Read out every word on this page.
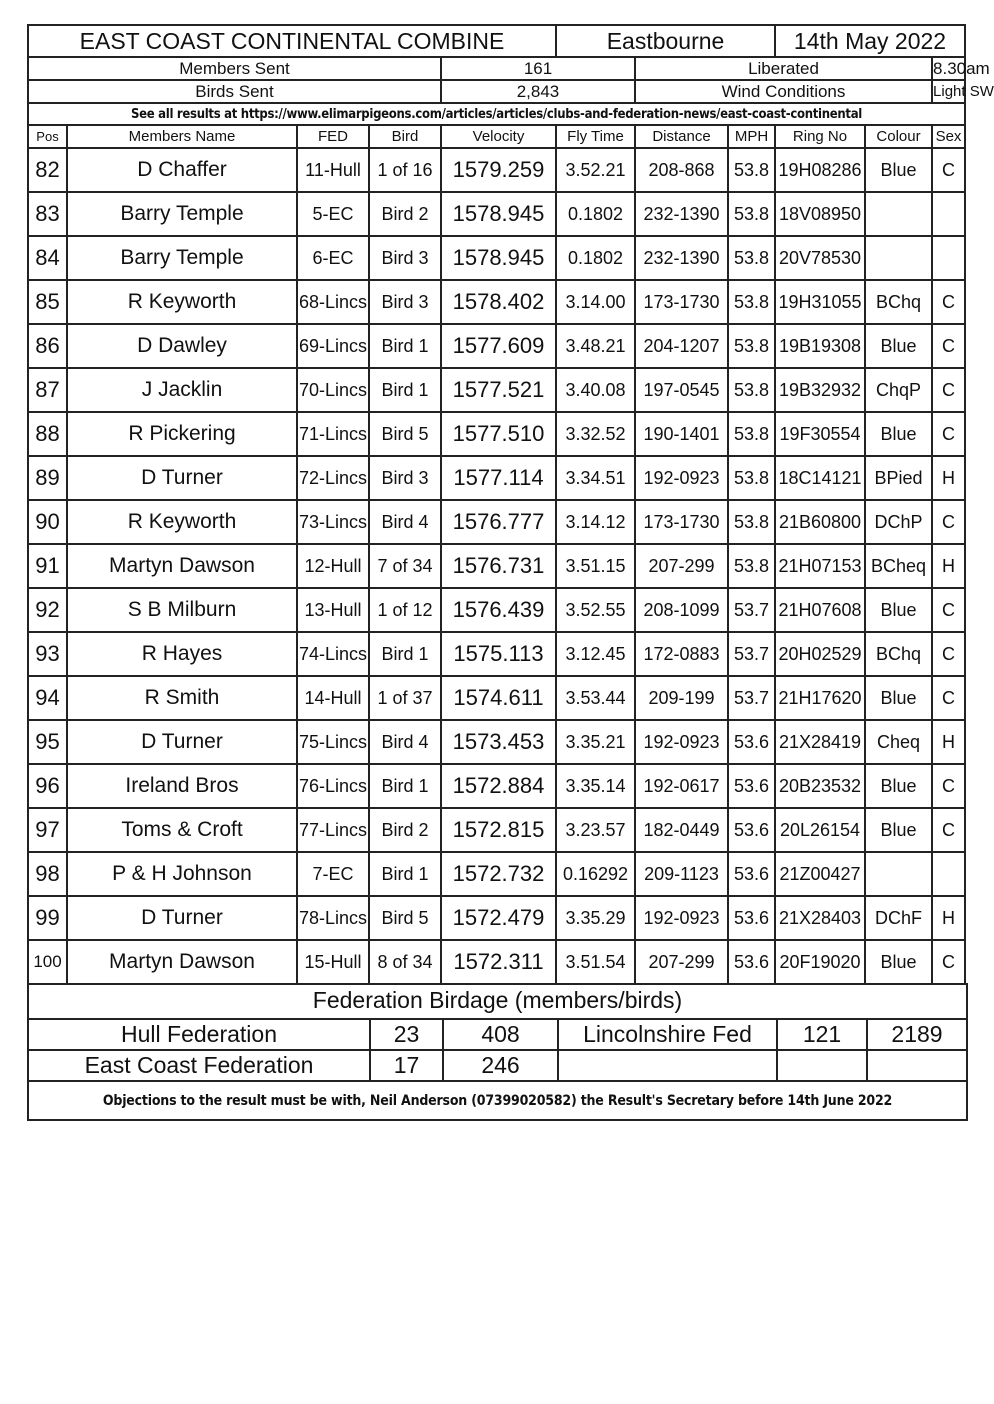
EAST COAST CONTINENTAL COMBINE					Eastbourne			14th May 2022		
Members Sent				161		Liberated				8.30am
Birds Sent				2,843		Wind Conditions				Light SW
See all results at https://www.elimarpigeons.com/articles/articles/clubs-and-federation-news/east-coast-continental										
Pos	Members Name	FED	Bird	Velocity	Fly Time	Distance	MPH	Ring No	Colour	Sex
82	D Chaffer	11-Hull	1 of 16	1579.259	3.52.21	208-868	53.8	19H08286	Blue	C
83	Barry Temple	5-EC	Bird 2	1578.945	0.1802	232-1390	53.8	18V08950		
84	Barry Temple	6-EC	Bird 3	1578.945	0.1802	232-1390	53.8	20V78530		
85	R Keyworth	68-Lincs	Bird 3	1578.402	3.14.00	173-1730	53.8	19H31055	BChq	C
86	D Dawley	69-Lincs	Bird 1	1577.609	3.48.21	204-1207	53.8	19B19308	Blue	C
87	J Jacklin	70-Lincs	Bird 1	1577.521	3.40.08	197-0545	53.8	19B32932	ChqP	C
88	R Pickering	71-Lincs	Bird 5	1577.510	3.32.52	190-1401	53.8	19F30554	Blue	C
89	D Turner	72-Lincs	Bird 3	1577.114	3.34.51	192-0923	53.8	18C14121	BPied	H
90	R Keyworth	73-Lincs	Bird 4	1576.777	3.14.12	173-1730	53.8	21B60800	DChP	C
91	Martyn Dawson	12-Hull	7 of 34	1576.731	3.51.15	207-299	53.8	21H07153	BCheq	H
92	S B Milburn	13-Hull	1 of 12	1576.439	3.52.55	208-1099	53.7	21H07608	Blue	C
93	R Hayes	74-Lincs	Bird 1	1575.113	3.12.45	172-0883	53.7	20H02529	BChq	C
94	R Smith	14-Hull	1 of 37	1574.611	3.53.44	209-199	53.7	21H17620	Blue	C
95	D Turner	75-Lincs	Bird 4	1573.453	3.35.21	192-0923	53.6	21X28419	Cheq	H
96	Ireland Bros	76-Lincs	Bird 1	1572.884	3.35.14	192-0617	53.6	20B23532	Blue	C
97	Toms & Croft	77-Lincs	Bird 2	1572.815	3.23.57	182-0449	53.6	20L26154	Blue	C
98	P & H Johnson	7-EC	Bird 1	1572.732	0.16292	209-1123	53.6	21Z00427		
99	D Turner	78-Lincs	Bird 5	1572.479	3.35.29	192-0923	53.6	21X28403	DChF	H
100	Martyn Dawson	15-Hull	8 of 34	1572.311	3.51.54	207-299	53.6	20F19020	Blue	C
Federation Birdage (members/birds)					
Hull Federation	23	408	Lincolnshire Fed	121	2189
East Coast Federation	17	246			
Objections to the result must be with, Neil Anderson (07399020582) the Result's Secretary before 14th June 2022					
